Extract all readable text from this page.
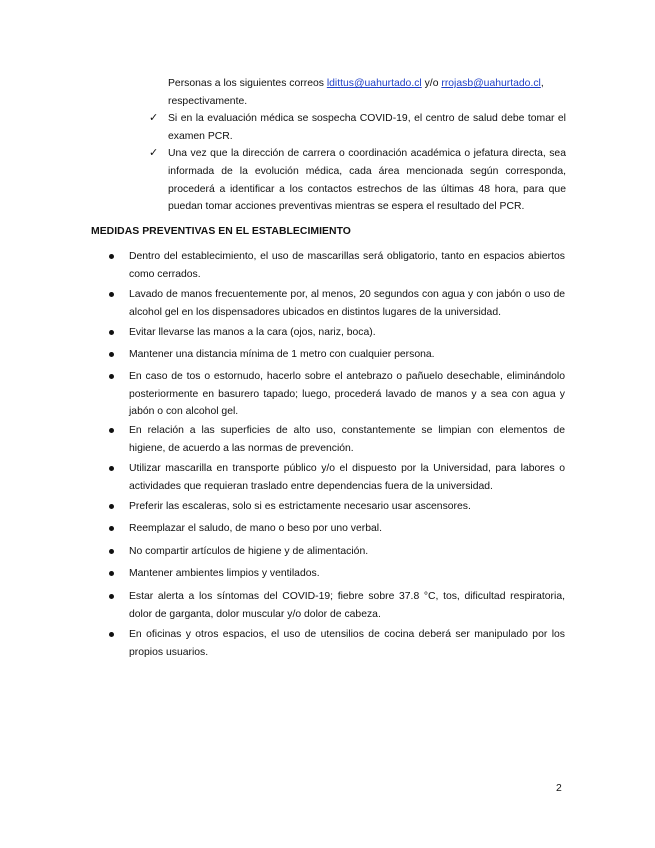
Personas a los siguientes correos ldittus@uahurtado.cl y/o rrojasb@uahurtado.cl,
respectivamente.
✓ Si en la evaluación médica se sospecha COVID-19, el centro de salud debe tomar el examen PCR.
✓ Una vez que la dirección de carrera o coordinación académica o jefatura directa, sea informada de la evolución médica, cada área mencionada según corresponda, procederá a identificar a los contactos estrechos de las últimas 48 hora, para que puedan tomar acciones preventivas mientras se espera el resultado del PCR.
MEDIDAS PREVENTIVAS EN EL ESTABLECIMIENTO
Dentro del establecimiento, el uso de mascarillas será obligatorio, tanto en espacios abiertos como cerrados.
Lavado de manos frecuentemente por, al menos, 20 segundos con agua y con jabón o uso de alcohol gel en los dispensadores ubicados en distintos lugares de la universidad.
Evitar llevarse las manos a la cara (ojos, nariz, boca).
Mantener una distancia mínima de 1 metro con cualquier persona.
En caso de tos o estornudo, hacerlo sobre el antebrazo o pañuelo desechable, eliminándolo posteriormente en basurero tapado; luego, procederá lavado de manos y a sea con agua y jabón o con alcohol gel.
En relación a las superficies de alto uso, constantemente se limpian con elementos de higiene, de acuerdo a las normas de prevención.
Utilizar mascarilla en transporte público y/o el dispuesto por la Universidad, para labores o actividades que requieran traslado entre dependencias fuera de la universidad.
Preferir las escaleras, solo si es estrictamente necesario usar ascensores.
Reemplazar el saludo, de mano o beso por uno verbal.
No compartir artículos de higiene y de alimentación.
Mantener ambientes limpios y ventilados.
Estar alerta a los síntomas del COVID-19; fiebre sobre 37.8 °C, tos, dificultad respiratoria, dolor de garganta, dolor muscular y/o dolor de cabeza.
En oficinas y otros espacios, el uso de utensilios de cocina deberá ser manipulado por los propios usuarios.
2
